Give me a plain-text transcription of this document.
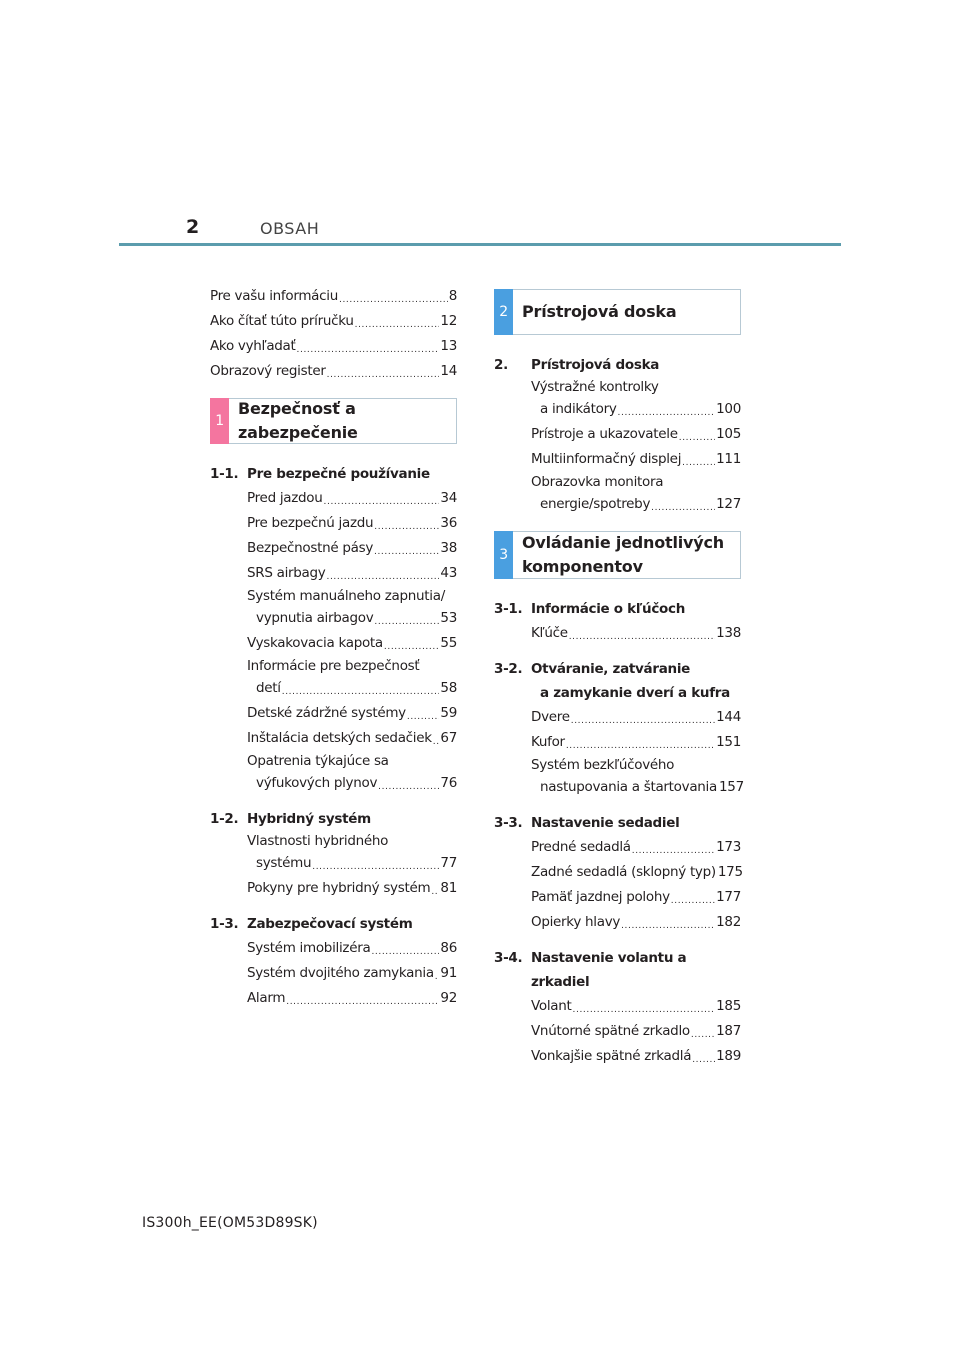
2	OBSAH
Pre vašu informáciu .....	8
Ako čítať túto príručku .....	12
Ako vyhľadať .....	13
Obrazový register .....	14
1
Bezpečnosť a zabezpečenie
1-1. Pre bezpečné používanie
Pred jazdou .....	34
Pre bezpečnú jazdu .....	36
Bezpečnostné pásy .....	38
SRS airbagy .....	43
Systém manuálneho zapnutia/
vypnutia airbagov .....	53
Vyskakovacia kapota .....	55
Informácie pre bezpečnosť
detí .....	58
Detské zádržné systémy .....	59
Inštalácia detských sedačiek ..... 67
Opatrenia týkajúce sa
výfukových plynov .....	76
1-2. Hybridný systém
Vlastnosti hybridného
systému .....	77
Pokyny pre hybridný systém ..... 81
1-3. Zabezpečovací systém
Systém imobilizéra .....	86
Systém dvojitého zamykania ..... 91
Alarm .....	92
2 Prístrojová doska
2.	Prístrojová doska
Výstražné kontrolky
a indikátory .....	100
Prístroje a ukazovatele .....	105
Multiinformačný displej .....	111
Obrazovka monitora
energie/spotreby .....	127
3
Ovládanie jednotlivých
komponentov
3-1. Informácie o kľúčoch
Kľúče .....	138
3-2. Otváranie, zatváranie
a zamykanie dverí a kufra
Dvere .....	144
Kufor .....	151
Systém bezkľúčového
nastupovania a štartovania 157
3-3. Nastavenie sedadiel
Predné sedadlá .....	173
Zadné sedadlá (sklopný typ) 175
Pamäť jazdnej polohy .....	177
Opierky hlavy .....	182
3-4. Nastavenie volantu a zrkadiel
Volant .....	185
Vnútorné spätné zrkadlo ..... 187
Vonkajšie spätné zrkadlá ..... 189
IS300h_EE(OM53D89SK)
